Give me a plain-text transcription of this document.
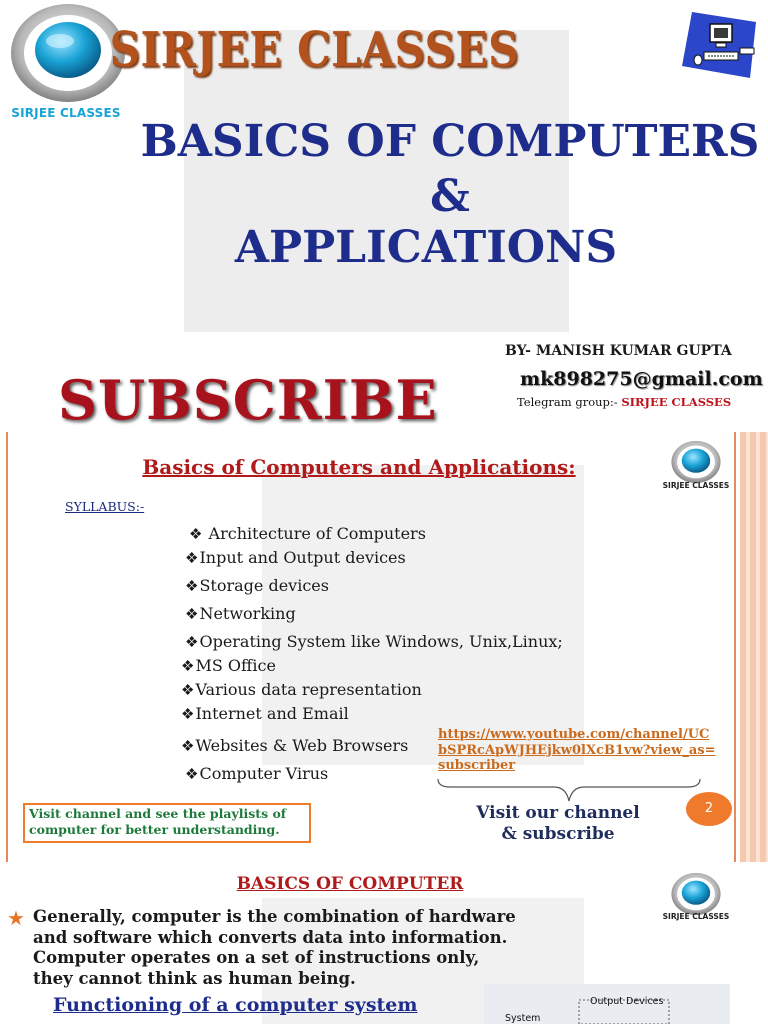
SIRJEE CLASSES
SIRJEE CLASSES
BASICS OF COMPUTERS
&
APPLICATIONS
BY- MANISH KUMAR GUPTA
mk898275@gmail.com
Telegram group:- SIRJEE CLASSES
SUBSCRIBE
Basics of Computers and Applications:
SIRJEE CLASSES
SYLLABUS:-
❖ Architecture of Computers
❖Input and Output devices
❖Storage devices
❖Networking
❖Operating System like Windows, Unix,Linux;
❖MS Office
❖Various data representation
❖Internet and Email
❖Websites & Web Browsers
❖Computer Virus
https://www.youtube.com/channel/UCbSPRcApWJHEjkw0lXcB1vw?view_as=subscriber
Visit our channel
& subscribe
2
Visit channel and see the playlists of computer for better understanding.
BASICS OF COMPUTER
SIRJEE CLASSES
★ Generally, computer is the combination of hardware and software which converts data into information. Computer operates on a set of instructions only, they cannot think as human being.
Functioning of a computer system	Output Devices
System
